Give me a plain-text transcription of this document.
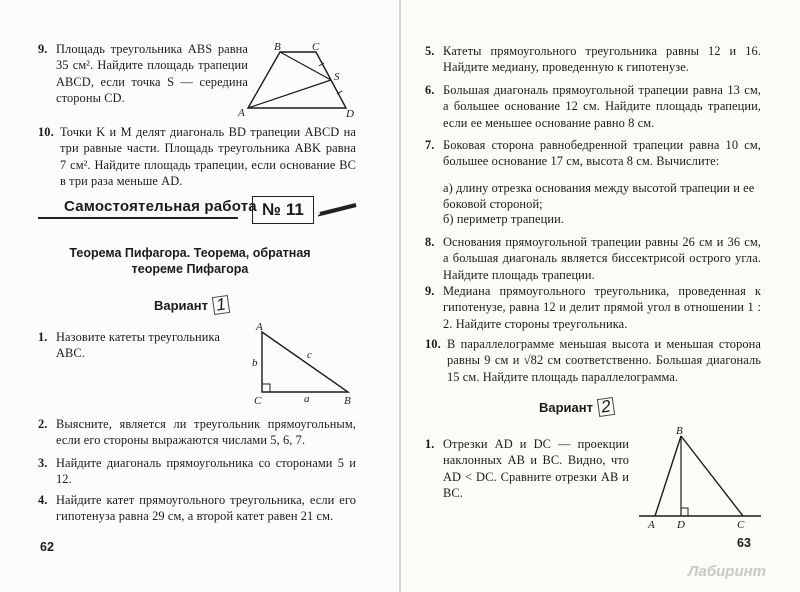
9. Площадь треугольника ABS равна 35 см². Найдите площадь трапеции ABCD, если точка S — середина стороны CD.
A
B	C
D
S
10. Точки K и M делят диагональ BD трапеции ABCD на три равные части. Площадь треугольника ABK равна 7 см². Найдите площадь трапеции, если основание BC в три раза меньше AD.
Самостоятельная работа № 11
Теорема Пифагора. Теорема, обратная теореме Пифагора
Вариант 1
1. Назовите катеты треугольника ABC.
A
B
C
b
a
c
2. Выясните, является ли треугольник прямоугольным, если его стороны выражаются числами 5, 6, 7.
3. Найдите диагональ прямоугольника со сторонами 5 и 12.
4. Найдите катет прямоугольного треугольника, если его гипотенуза равна 29 см, а второй катет равен 21 см.
62
5. Катеты прямоугольного треугольника равны 12 и 16. Найдите медиану, проведенную к гипотенузе.
6. Большая диагональ прямоугольной трапеции равна 13 см, а большее основание 12 см. Найдите площадь трапеции, если ее меньшее основание равно 8 см.
7. Боковая сторона равнобедренной трапеции равна 10 см, большее основание 17 см, высота 8 см. Вычислите:
а) длину отрезка основания между высотой трапеции и ее боковой стороной;
б) периметр трапеции.
8. Основания прямоугольной трапеции равны 26 см и 36 см, а большая диагональ является биссектрисой острого угла. Найдите площадь трапеции.
9. Медиана прямоугольного треугольника, проведенная к гипотенузе, равна 12 и делит прямой угол в отношении 1 : 2. Найдите стороны треугольника.
10. В параллелограмме меньшая высота и меньшая сторона равны 9 см и √82 см соответственно. Большая диагональ 15 см. Найдите площадь параллелограмма.
Вариант 2
1. Отрезки AD и DC — проекции наклонных AB и BC. Видно, что AD < DC. Сравните отрезки AB и BC.
B
A D	C
63
Лабиринт
